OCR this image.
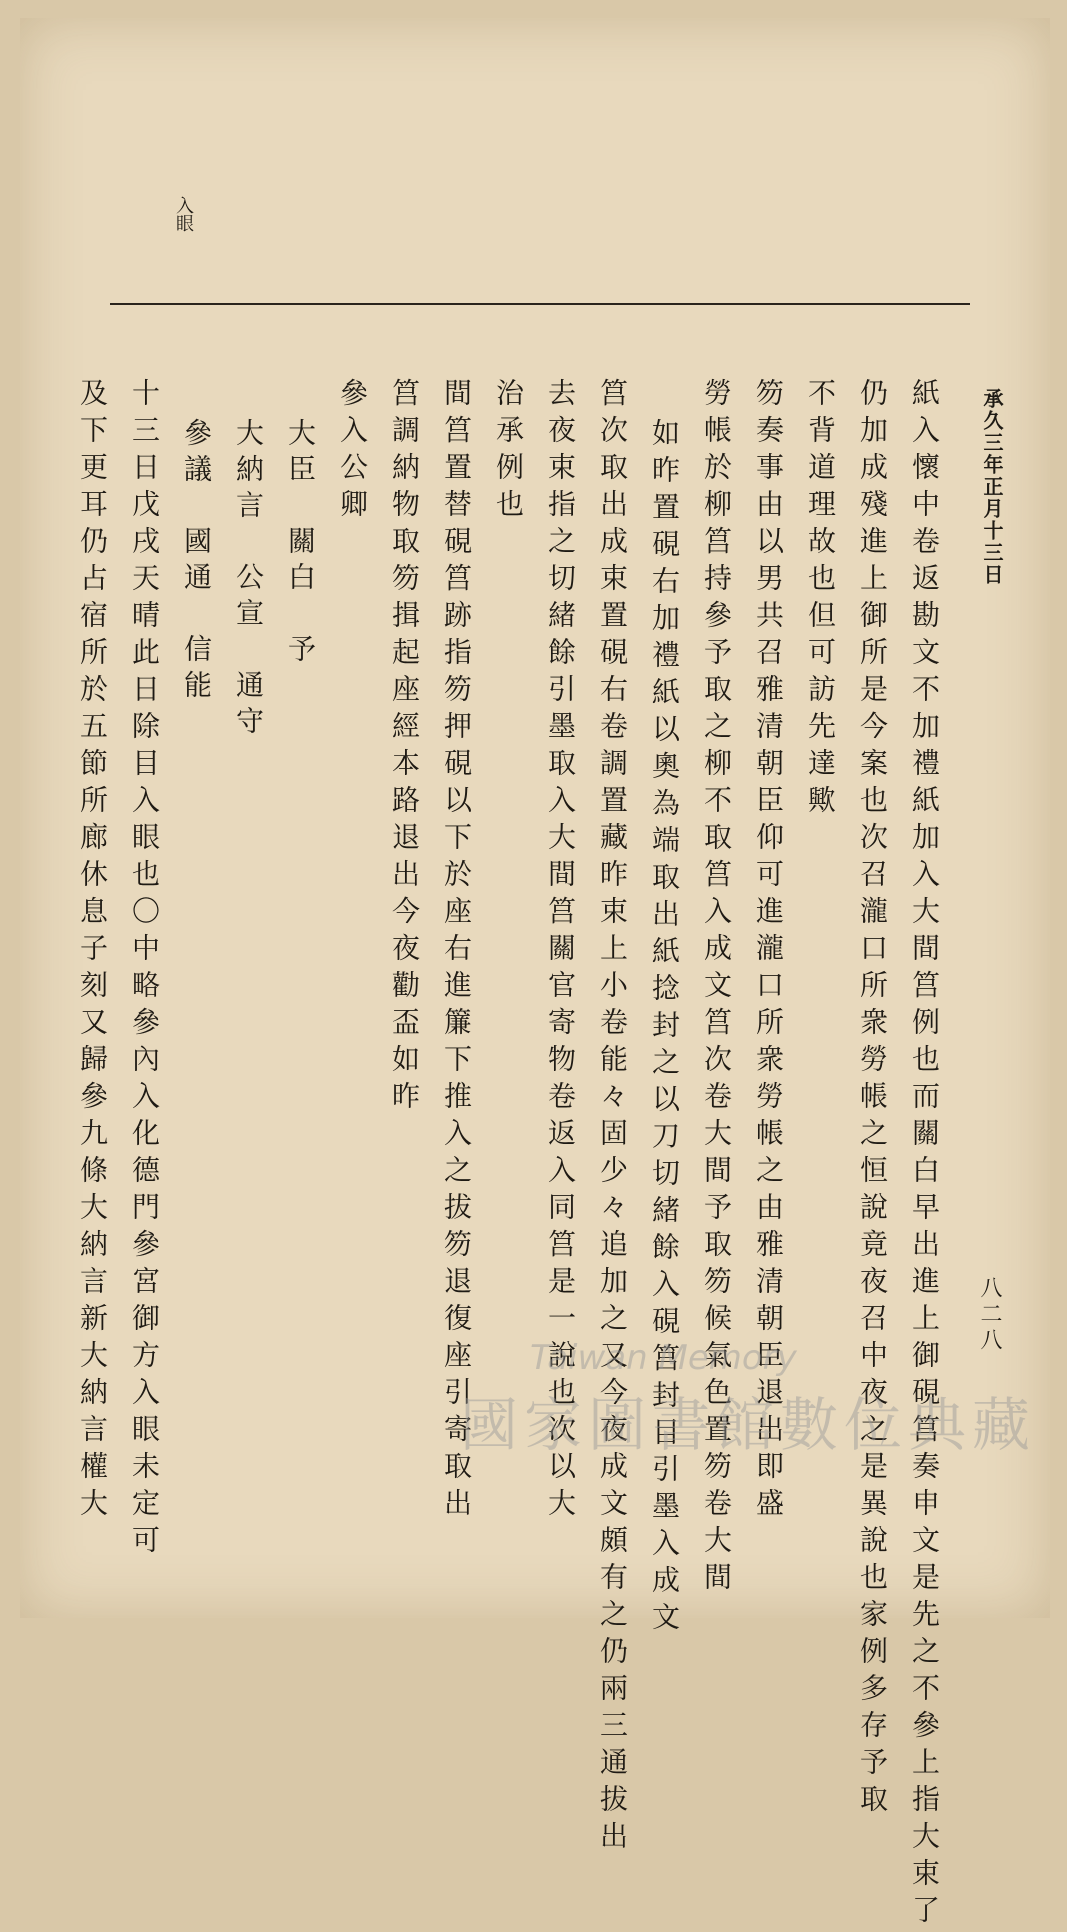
入眼
承久三年正月十三日
八二八
紙入懷中卷返勘文不加禮紙加入大間筥例也而關白早出進上御硯筥奏申文是先之不參上指大束了
仍加成殘進上御所是今案也次召瀧口所衆勞帳之恒說竟夜召中夜之是異說也家例多存予取
不背道理故也但可訪先達歟
笏奏事由以男共召雅清朝臣仰可進瀧口所衆勞帳之由雅清朝臣退出即盛
勞帳於柳筥持參予取之柳不取筥入成文筥次卷大間予取笏候氣色置笏卷大間
如昨置硯右加禮紙以奧為端取出紙捻封之以刀切緒餘入硯筥封目引墨入成文
筥次取出成束置硯右卷調置藏昨束上小卷能々固少々追加之又今夜成文頗有之仍兩三通拔出
去夜束指之切緒餘引墨取入大間筥關官寄物卷返入同筥是一說也次以大
治承例也
間筥置替硯筥跡指笏押硯以下於座右進簾下推入之拔笏退復座引寄取出
筥調納物取笏揖起座經本路退出今夜勸盃如昨
參入公卿
大臣　關白　予
大納言　公宣　通守
參議　國通　信能
十三日戊戌天晴此日除目入眼也〇中略參內入化德門參宮御方入眼未定可
及下更耳仍占宿所於五節所廊休息子刻又歸參九條大納言新大納言權大	Taiwan Memory
國家圖書館數位典藏
